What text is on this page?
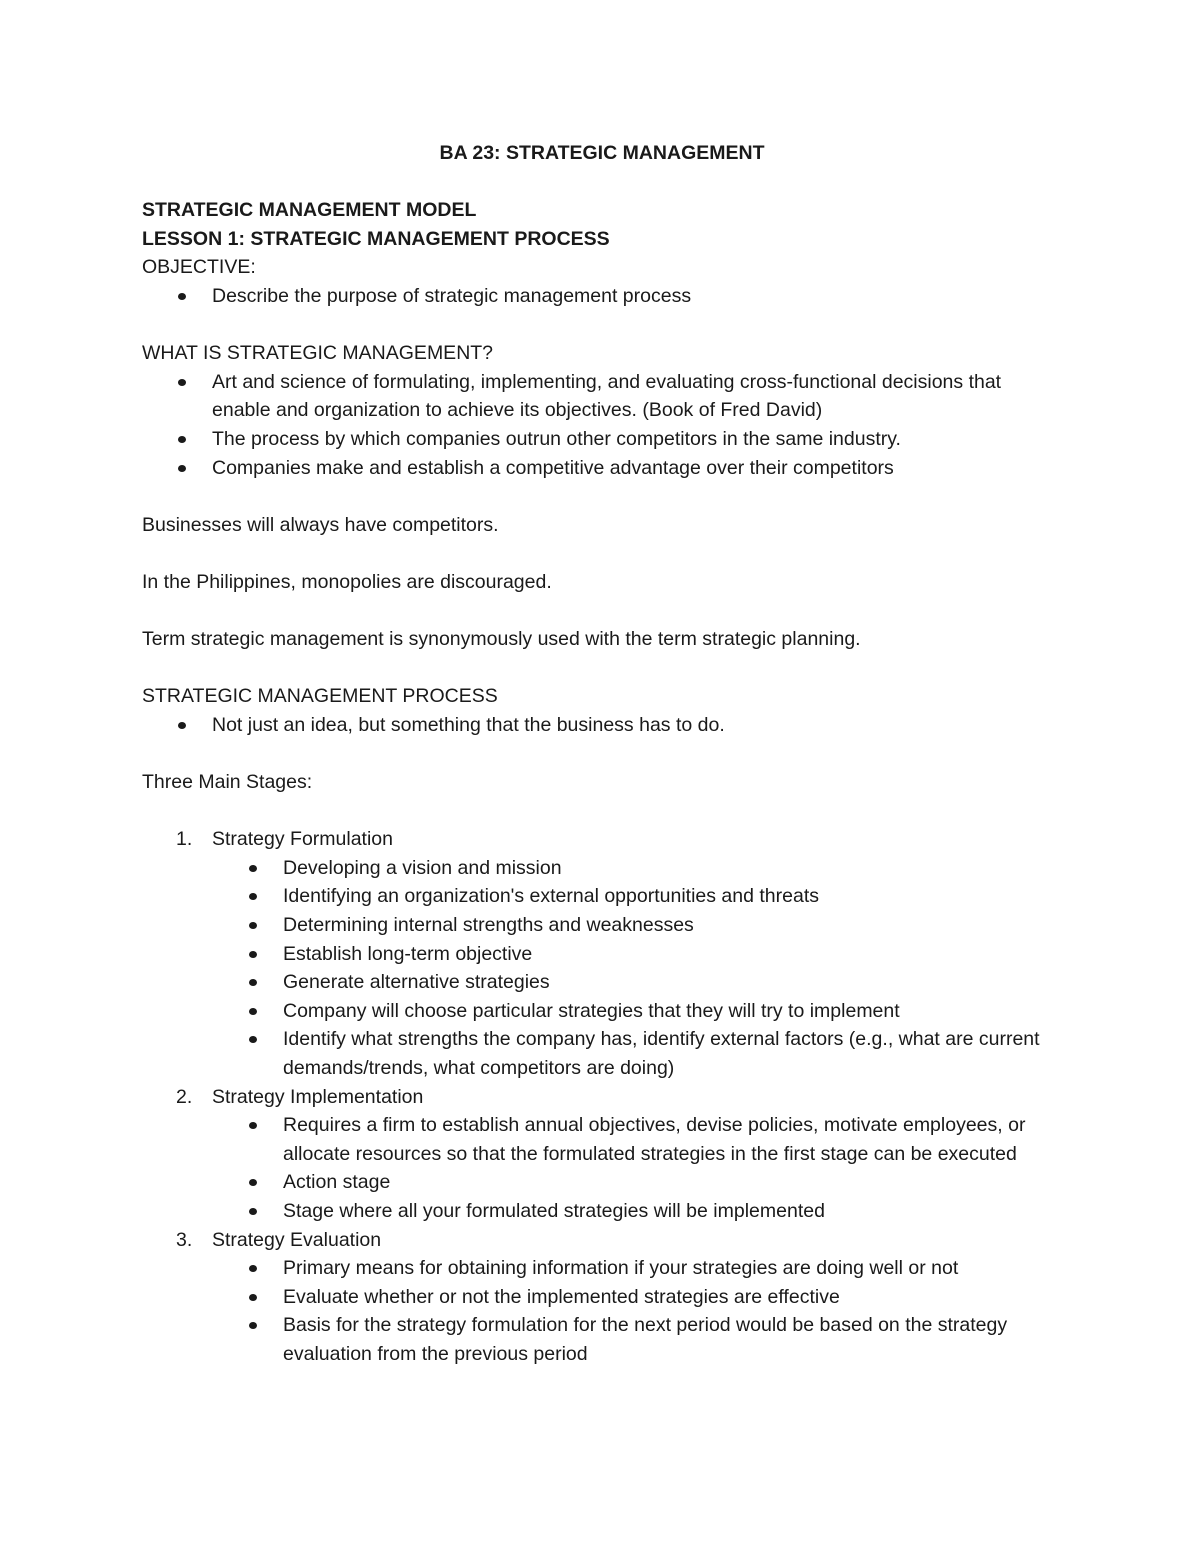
BA 23: STRATEGIC MANAGEMENT

STRATEGIC MANAGEMENT MODEL

LESSON 1: STRATEGIC MANAGEMENT PROCESS

OBJECTIVE:

Describe the purpose of strategic management process

WHAT IS STRATEGIC MANAGEMENT?

Art and science of formulating, implementing, and evaluating cross-functional decisions that enable and organization to achieve its objectives. (Book of Fred David)
The process by which companies outrun other competitors in the same industry.
Companies make and establish a competitive advantage over their competitors

Businesses will always have competitors.

In the Philippines, monopolies are discouraged.

Term strategic management is synonymously used with the term strategic planning.

STRATEGIC MANAGEMENT PROCESS

Not just an idea, but something that the business has to do.

Three Main Stages:

1. Strategy Formulation
Developing a vision and mission
Identifying an organization's external opportunities and threats
Determining internal strengths and weaknesses
Establish long-term objective
Generate alternative strategies
Company will choose particular strategies that they will try to implement
Identify what strengths the company has, identify external factors (e.g., what are current demands/trends, what competitors are doing)
2. Strategy Implementation
Requires a firm to establish annual objectives, devise policies, motivate employees, or allocate resources so that the formulated strategies in the first stage can be executed
Action stage
Stage where all your formulated strategies will be implemented
3. Strategy Evaluation
Primary means for obtaining information if your strategies are doing well or not
Evaluate whether or not the implemented strategies are effective
Basis for the strategy formulation for the next period would be based on the strategy evaluation from the previous period
